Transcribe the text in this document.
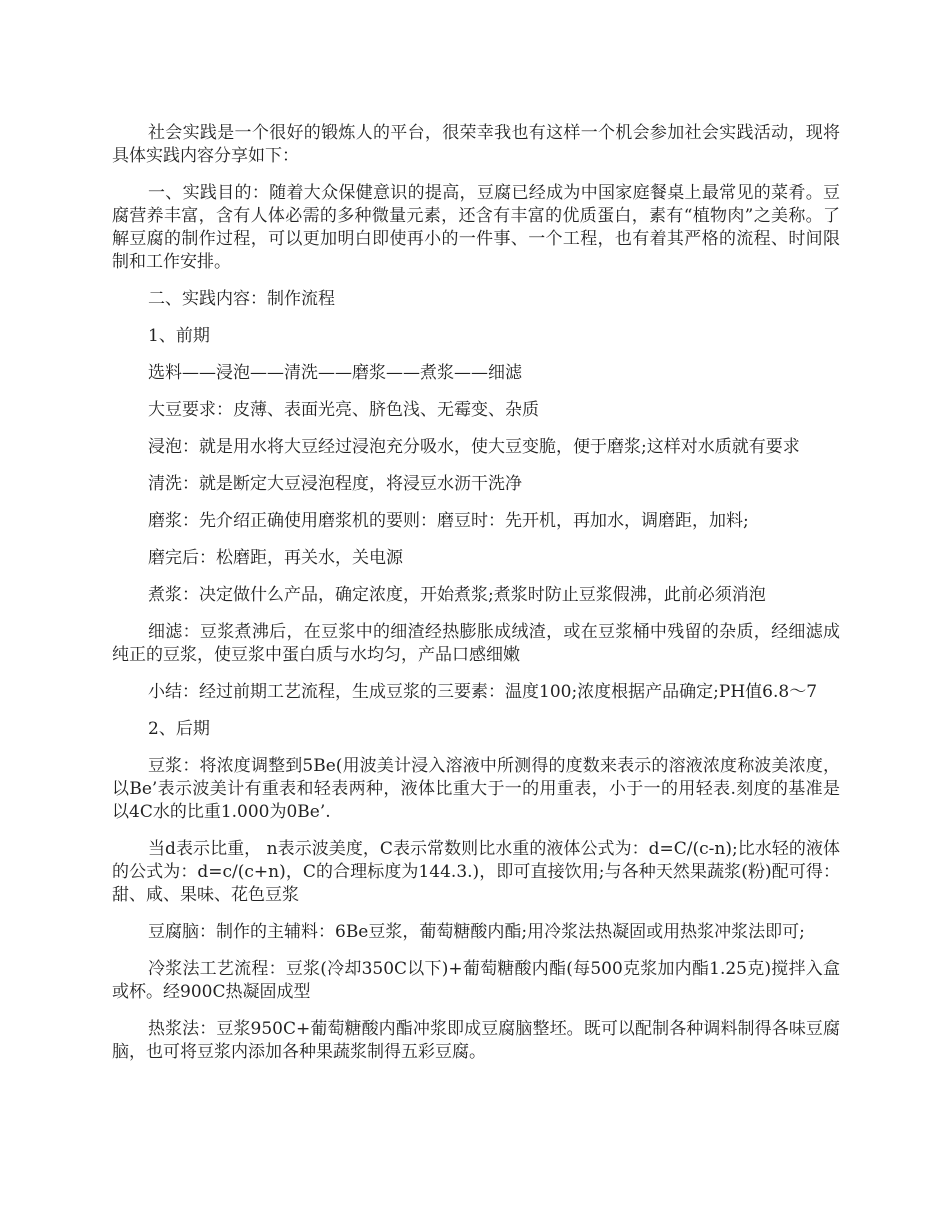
社会实践是一个很好的锻炼人的平台，很荣幸我也有这样一个机会参加社会实践活动，现将具体实践内容分享如下：

一、实践目的：随着大众保健意识的提高，豆腐已经成为中国家庭餐桌上最常见的菜肴。豆腐营养丰富，含有人体必需的多种微量元素，还含有丰富的优质蛋白，素有“植物肉”之美称。了解豆腐的制作过程，可以更加明白即使再小的一件事、一个工程，也有着其严格的流程、时间限制和工作安排。

二、实践内容：制作流程

1、前期

选料——浸泡——清洗——磨浆——煮浆——细滤

大豆要求：皮薄、表面光亮、脐色浅、无霉变、杂质

浸泡：就是用水将大豆经过浸泡充分吸水，使大豆变脆，便于磨浆;这样对水质就有要求

清洗：就是断定大豆浸泡程度，将浸豆水沥干洗净

磨浆：先介绍正确使用磨浆机的要则：磨豆时：先开机，再加水，调磨距，加料;

磨完后：松磨距，再关水，关电源

煮浆：决定做什么产品，确定浓度，开始煮浆;煮浆时防止豆浆假沸，此前必须消泡

细滤：豆浆煮沸后，在豆浆中的细渣经热膨胀成绒渣，或在豆浆桶中残留的杂质，经细滤成纯正的豆浆，使豆浆中蛋白质与水均匀，产品口感细嫩

小结：经过前期工艺流程，生成豆浆的三要素：温度100;浓度根据产品确定;PH值6.8～7

2、后期

豆浆：将浓度调整到5Be(用波美计浸入溶液中所测得的度数来表示的溶液浓度称波美浓度，以Be’表示波美计有重表和轻表两种，液体比重大于一的用重表，小于一的用轻表.刻度的基准是以4C水的比重1.000为0Be’.

当d表示比重， n表示波美度，C表示常数则比水重的液体公式为：d=C/(c-n);比水轻的液体的公式为：d=c/(c+n)，C的合理标度为144.3.)，即可直接饮用;与各种天然果蔬浆(粉)配可得：甜、咸、果味、花色豆浆

豆腐脑：制作的主辅料：6Be豆浆，葡萄糖酸内酯;用冷浆法热凝固或用热浆冲浆法即可;

冷浆法工艺流程：豆浆(冷却350C以下)+葡萄糖酸内酯(每500克浆加内酯1.25克)搅拌入盒或杯。经900C热凝固成型

热浆法：豆浆950C+葡萄糖酸内酯冲浆即成豆腐脑整坯。既可以配制各种调料制得各味豆腐脑，也可将豆浆内添加各种果蔬浆制得五彩豆腐。
